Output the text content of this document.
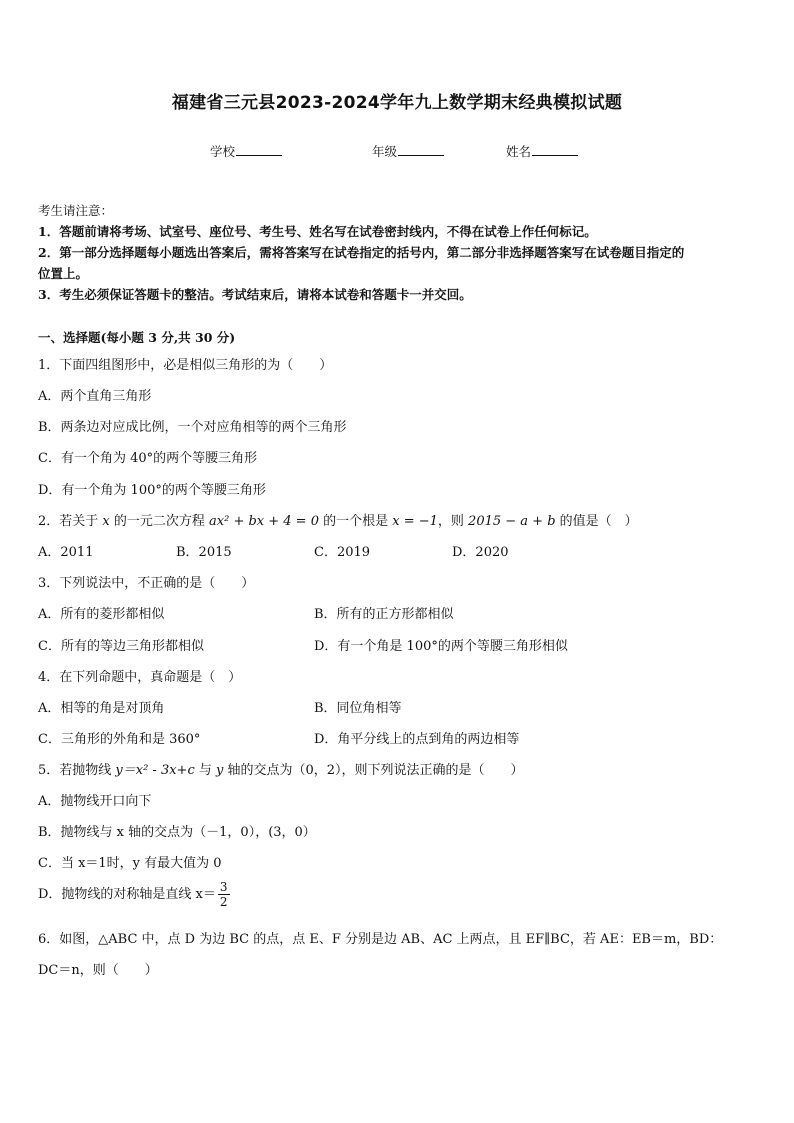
福建省三元县2023-2024学年九上数学期末经典模拟试题
学校	年级	姓名
考生请注意：
1．答题前请将考场、试室号、座位号、考生号、姓名写在试卷密封线内，不得在试卷上作任何标记。
2．第一部分选择题每小题选出答案后，需将答案写在试卷指定的括号内，第二部分非选择题答案写在试卷题目指定的
位置上。
3．考生必须保证答题卡的整洁。考试结束后，请将本试卷和答题卡一并交回。
一、选择题(每小题 3 分,共 30 分)
1．下面四组图形中，必是相似三角形的为（　　）
A．两个直角三角形
B．两条边对应成比例，一个对应角相等的两个三角形
C．有一个角为 40°的两个等腰三角形
D．有一个角为 100°的两个等腰三角形
2．若关于 x 的一元二次方程 ax² + bx + 4 = 0 的一个根是 x = −1，则 2015 − a + b 的值是（　）
A．2011	B．2015	C．2019	D．2020
3．下列说法中，不正确的是（　　）
A．所有的菱形都相似	B．所有的正方形都相似
C．所有的等边三角形都相似	D．有一个角是 100°的两个等腰三角形相似
4．在下列命题中，真命题是（　）
A．相等的角是对顶角	B．同位角相等
C．三角形的外角和是 360°	D．角平分线上的点到角的两边相等
5．若抛物线 y＝x² - 3x+c 与 y 轴的交点为（0，2），则下列说法正确的是（　　）
A．抛物线开口向下
B．抛物线与 x 轴的交点为（－1，0），(3，0）
C．当 x＝1时，y 有最大值为 0
D．抛物线的对称轴是直线 $x= \frac{3}{2}$
6．如图，△ABC 中，点 D 为边 BC 的点，点 E、F 分别是边 AB、AC 上两点，且 EF∥BC，若 AE：EB＝m，BD：
DC＝n，则（　　）
